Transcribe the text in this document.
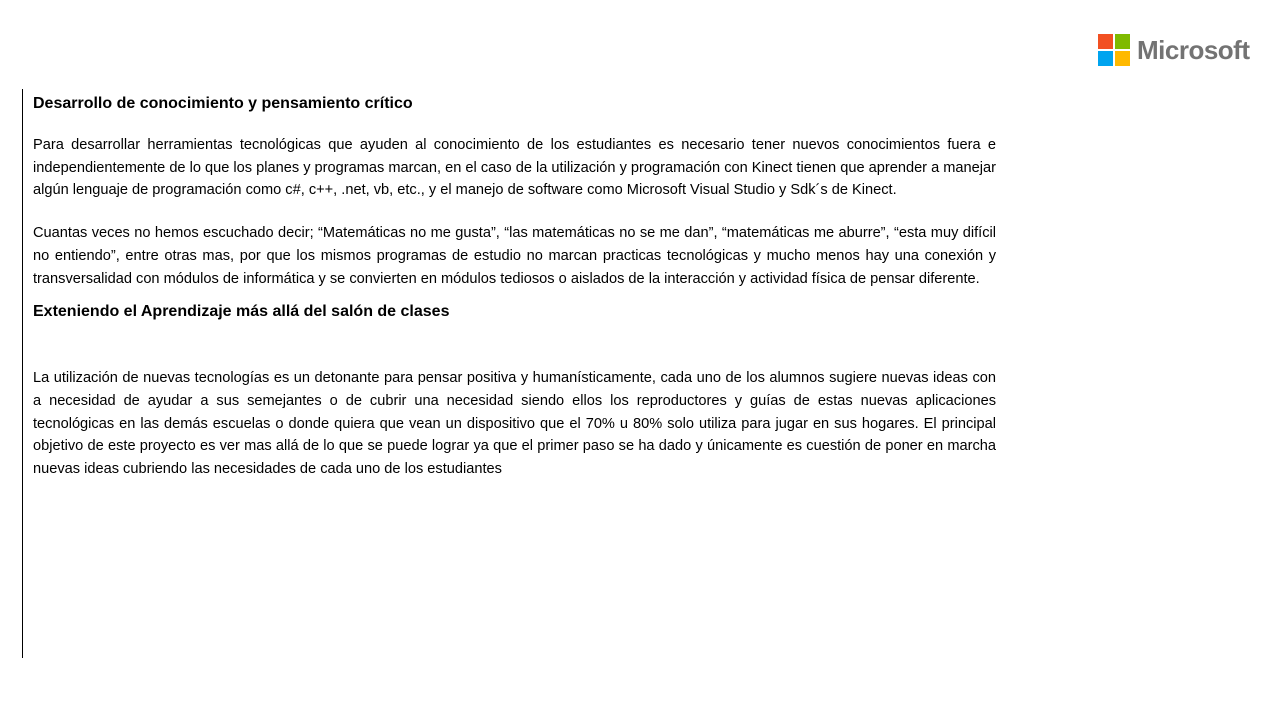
Microsoft
Desarrollo de conocimiento y pensamiento crítico

Para desarrollar herramientas tecnológicas que ayuden al conocimiento de los estudiantes es necesario tener nuevos conocimientos fuera e independientemente de lo que los planes y programas marcan, en el caso de la utilización y programación con Kinect tienen que aprender a manejar algún lenguaje de programación como c#, c++, .net, vb, etc., y el manejo de software como Microsoft Visual Studio y Sdk´s de Kinect.

Cuantas veces no hemos escuchado decir; “Matemáticas no me gusta”, “las matemáticas no se me dan”, “matemáticas me aburre”, “esta muy difícil no entiendo”, entre otras mas, por que los mismos programas de estudio no marcan practicas tecnológicas y mucho menos hay una conexión y transversalidad con módulos de informática y se convierten en módulos tediosos o aislados de la interacción y actividad física de pensar diferente.

Exteniendo el Aprendizaje más allá del salón de clases

La utilización de nuevas tecnologías es un detonante para pensar positiva y humanísticamente, cada uno de los alumnos sugiere nuevas ideas con a necesidad de ayudar a sus semejantes o de cubrir una necesidad siendo ellos los reproductores y guías de estas nuevas aplicaciones tecnológicas en las demás escuelas o donde quiera que vean un dispositivo que el 70% u 80% solo utiliza para jugar en sus hogares. El principal objetivo de este proyecto es ver mas allá de lo que se puede lograr ya que el primer paso se ha dado y únicamente es cuestión de poner en marcha nuevas ideas cubriendo las necesidades de cada uno de los estudiantes
